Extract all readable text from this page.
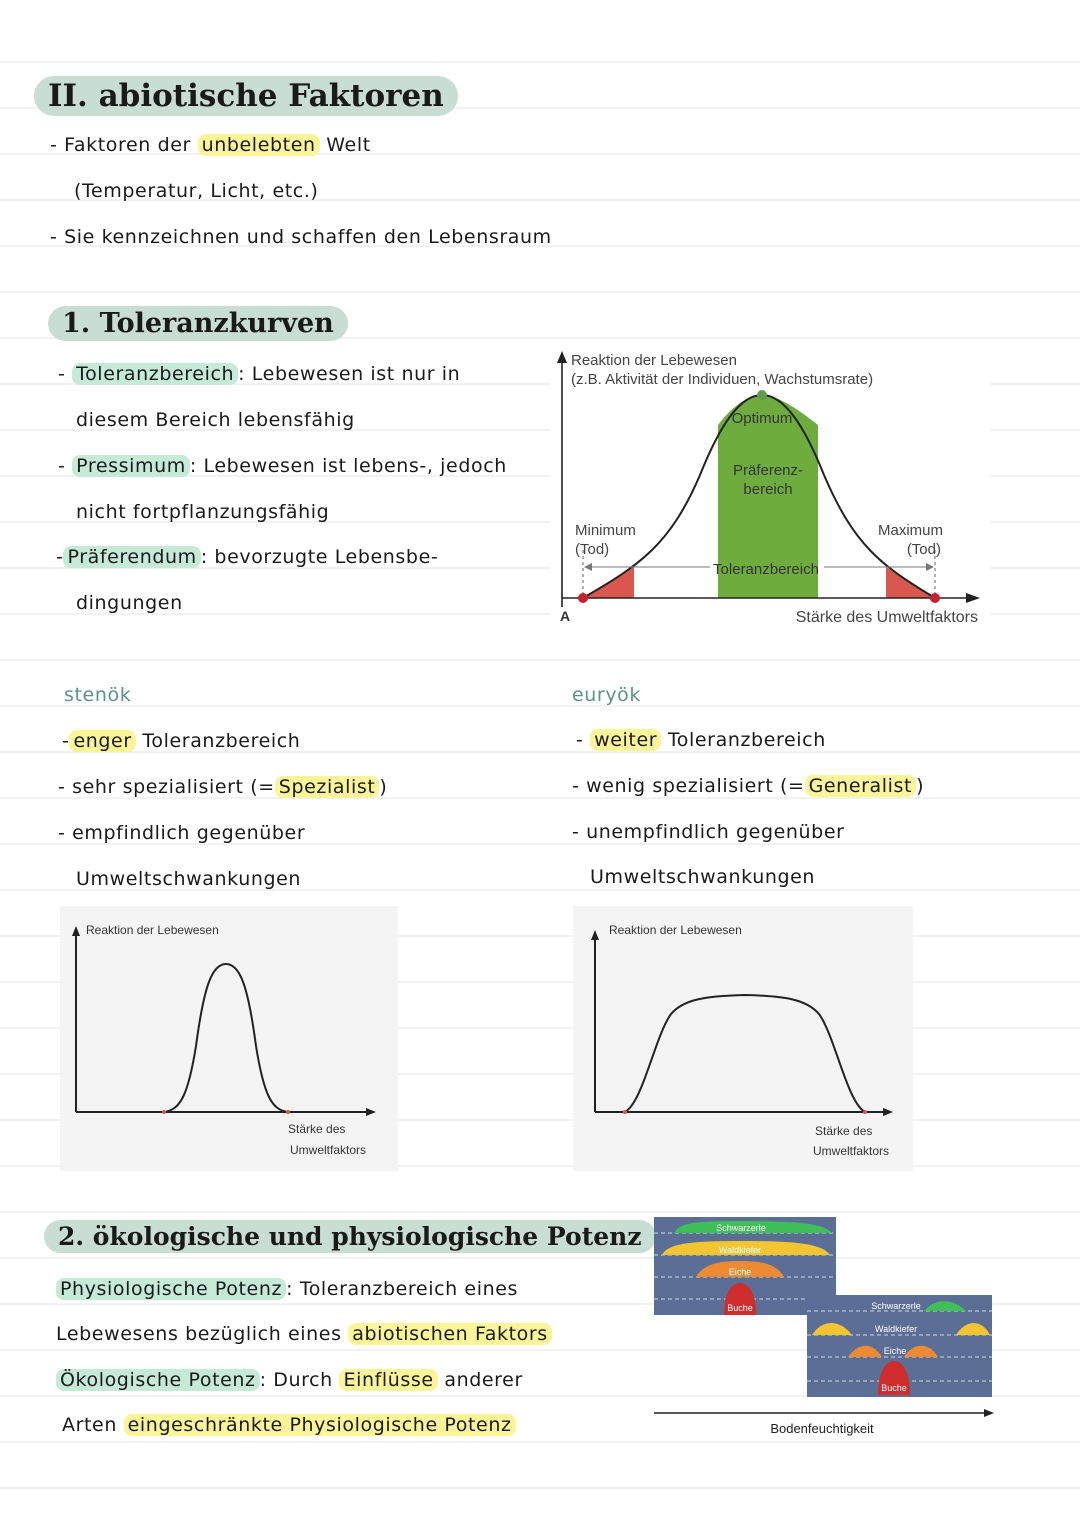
II. abiotische Faktoren
- Faktoren der unbelebten Welt
(Temperatur, Licht, etc.)
- Sie kennzeichnen und schaffen den Lebensraum
1. Toleranzkurven
- Toleranzbereich : Lebewesen ist nur in
diesem Bereich lebensfähig
- Pressimum : Lebewesen ist lebens-, jedoch
nicht fortpflanzungsfähig
- Präferendum : bevorzugte Lebensbe-
dingungen
Reaktion der Lebewesen
(z.B. Aktivität der Individuen, Wachstumsrate)
Optimum
Präferenz-
bereich
Minimum
(Tod)
Maximum
(Tod)
Toleranzbereich
A	Stärke des Umweltfaktors
stenök
- enger Toleranzbereich
- sehr spezialisiert (= Spezialist )
- empfindlich gegenüber
Umweltschwankungen
Reaktion der Lebewesen
Stärke des
Umweltfaktors
euryök
- weiter Toleranzbereich
- wenig spezialisiert (= Generalist )
- unempfindlich gegenüber
Umweltschwankungen
Reaktion der Lebewesen
Stärke des
Umweltfaktors
2. ökologische und physiologische Potenz
Physiologische Potenz : Toleranzbereich eines
Lebewesens bezüglich eines abiotischen Faktors
Ökologische Potenz : Durch Einflüsse anderer
Arten eingeschränkte Physiologische Potenz
Schwarzerle
Waldkiefer
Eiche
Buche	Schwarzerle
Waldkiefer
Eiche
Buche
Bodenfeuchtigkeit
